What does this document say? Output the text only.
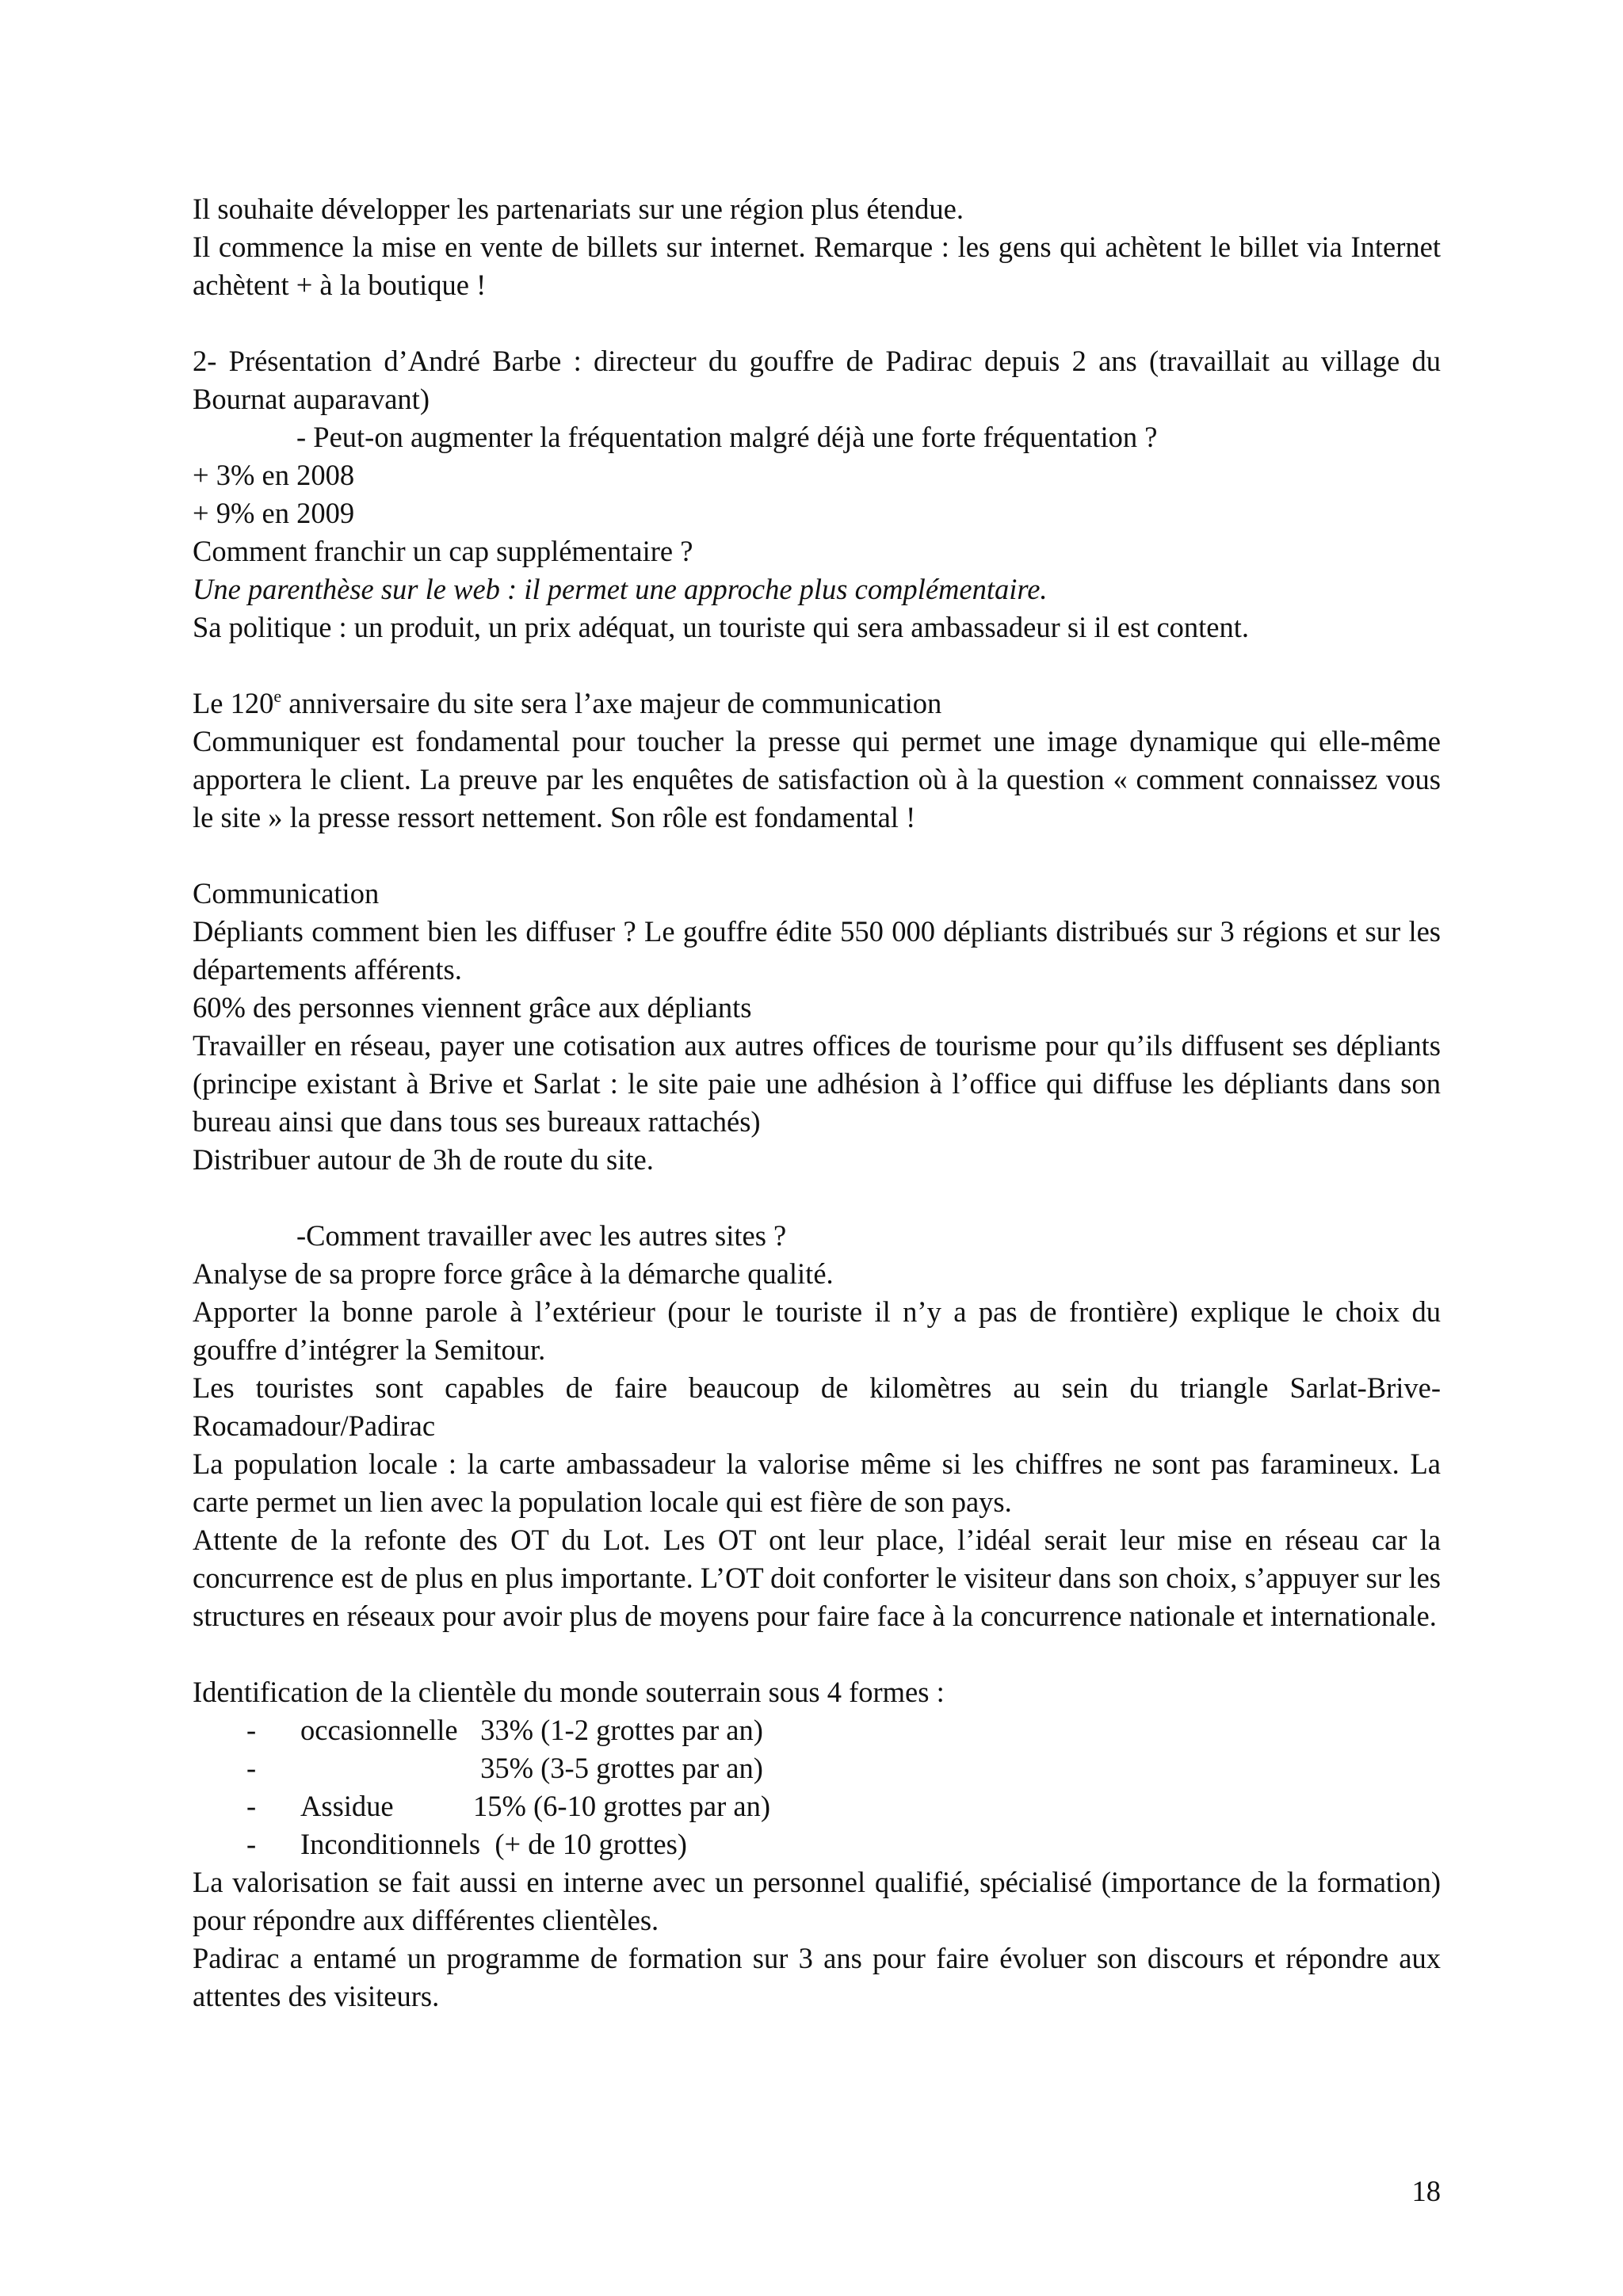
Il souhaite développer les partenariats sur une région plus étendue.

Il commence la mise en vente de billets sur internet. Remarque : les gens qui achètent le billet via Internet achètent + à la boutique !

2- Présentation d’André Barbe : directeur du gouffre de Padirac depuis 2 ans (travaillait au village du Bournat auparavant)

- Peut-on augmenter la fréquentation malgré déjà une forte fréquentation ?

+ 3% en 2008

+ 9% en 2009

Comment franchir un cap supplémentaire ?

Une parenthèse sur le web : il permet une approche plus complémentaire.

Sa politique : un produit, un prix adéquat, un touriste qui sera ambassadeur si il est content.

Le 120e anniversaire du site sera l’axe majeur de communication

Communiquer est fondamental pour toucher la presse qui permet une image dynamique qui elle-même apportera le client. La preuve par les enquêtes de satisfaction où à la question « comment connaissez vous le site » la presse ressort nettement. Son rôle est fondamental !

Communication

Dépliants comment bien les diffuser ? Le gouffre édite 550 000 dépliants distribués sur 3 régions et sur les départements afférents.

60% des personnes viennent grâce aux dépliants

Travailler en réseau, payer une cotisation aux autres offices de tourisme pour qu’ils diffusent ses dépliants (principe existant à Brive et Sarlat : le site paie une adhésion à l’office qui diffuse les dépliants dans son bureau ainsi que dans tous ses bureaux rattachés)

Distribuer autour de 3h de route du site.

-Comment travailler avec les autres sites ?

Analyse de sa propre force grâce à la démarche qualité.

Apporter la bonne parole à l’extérieur (pour le touriste il n’y a pas de frontière) explique le choix du gouffre d’intégrer la Semitour.

Les touristes sont capables de faire beaucoup de kilomètres au sein du triangle Sarlat-Brive-Rocamadour/Padirac

La population locale : la carte ambassadeur la valorise même si les chiffres ne sont pas faramineux. La carte permet un lien avec la population locale qui est fière de son pays.

Attente de la refonte des OT du Lot. Les OT ont leur place, l’idéal serait leur mise en réseau car la concurrence est de plus en plus importante. L’OT doit conforter le visiteur dans son choix, s’appuyer sur les structures en réseaux pour avoir plus de moyens pour faire face à la concurrence nationale et internationale.

Identification de la clientèle du monde souterrain sous 4 formes :

-	occasionnelle 33% (1-2 grottes par an)
-	35% (3-5 grottes par an)
-	Assidue	15% (6-10 grottes par an)
-	Inconditionnels
(+ de 10 grottes)

La valorisation se fait aussi en interne avec un personnel qualifié, spécialisé (importance de la formation) pour répondre aux différentes clientèles.

Padirac a entamé un programme de formation sur 3 ans pour faire évoluer son discours et répondre aux attentes des visiteurs.

18
